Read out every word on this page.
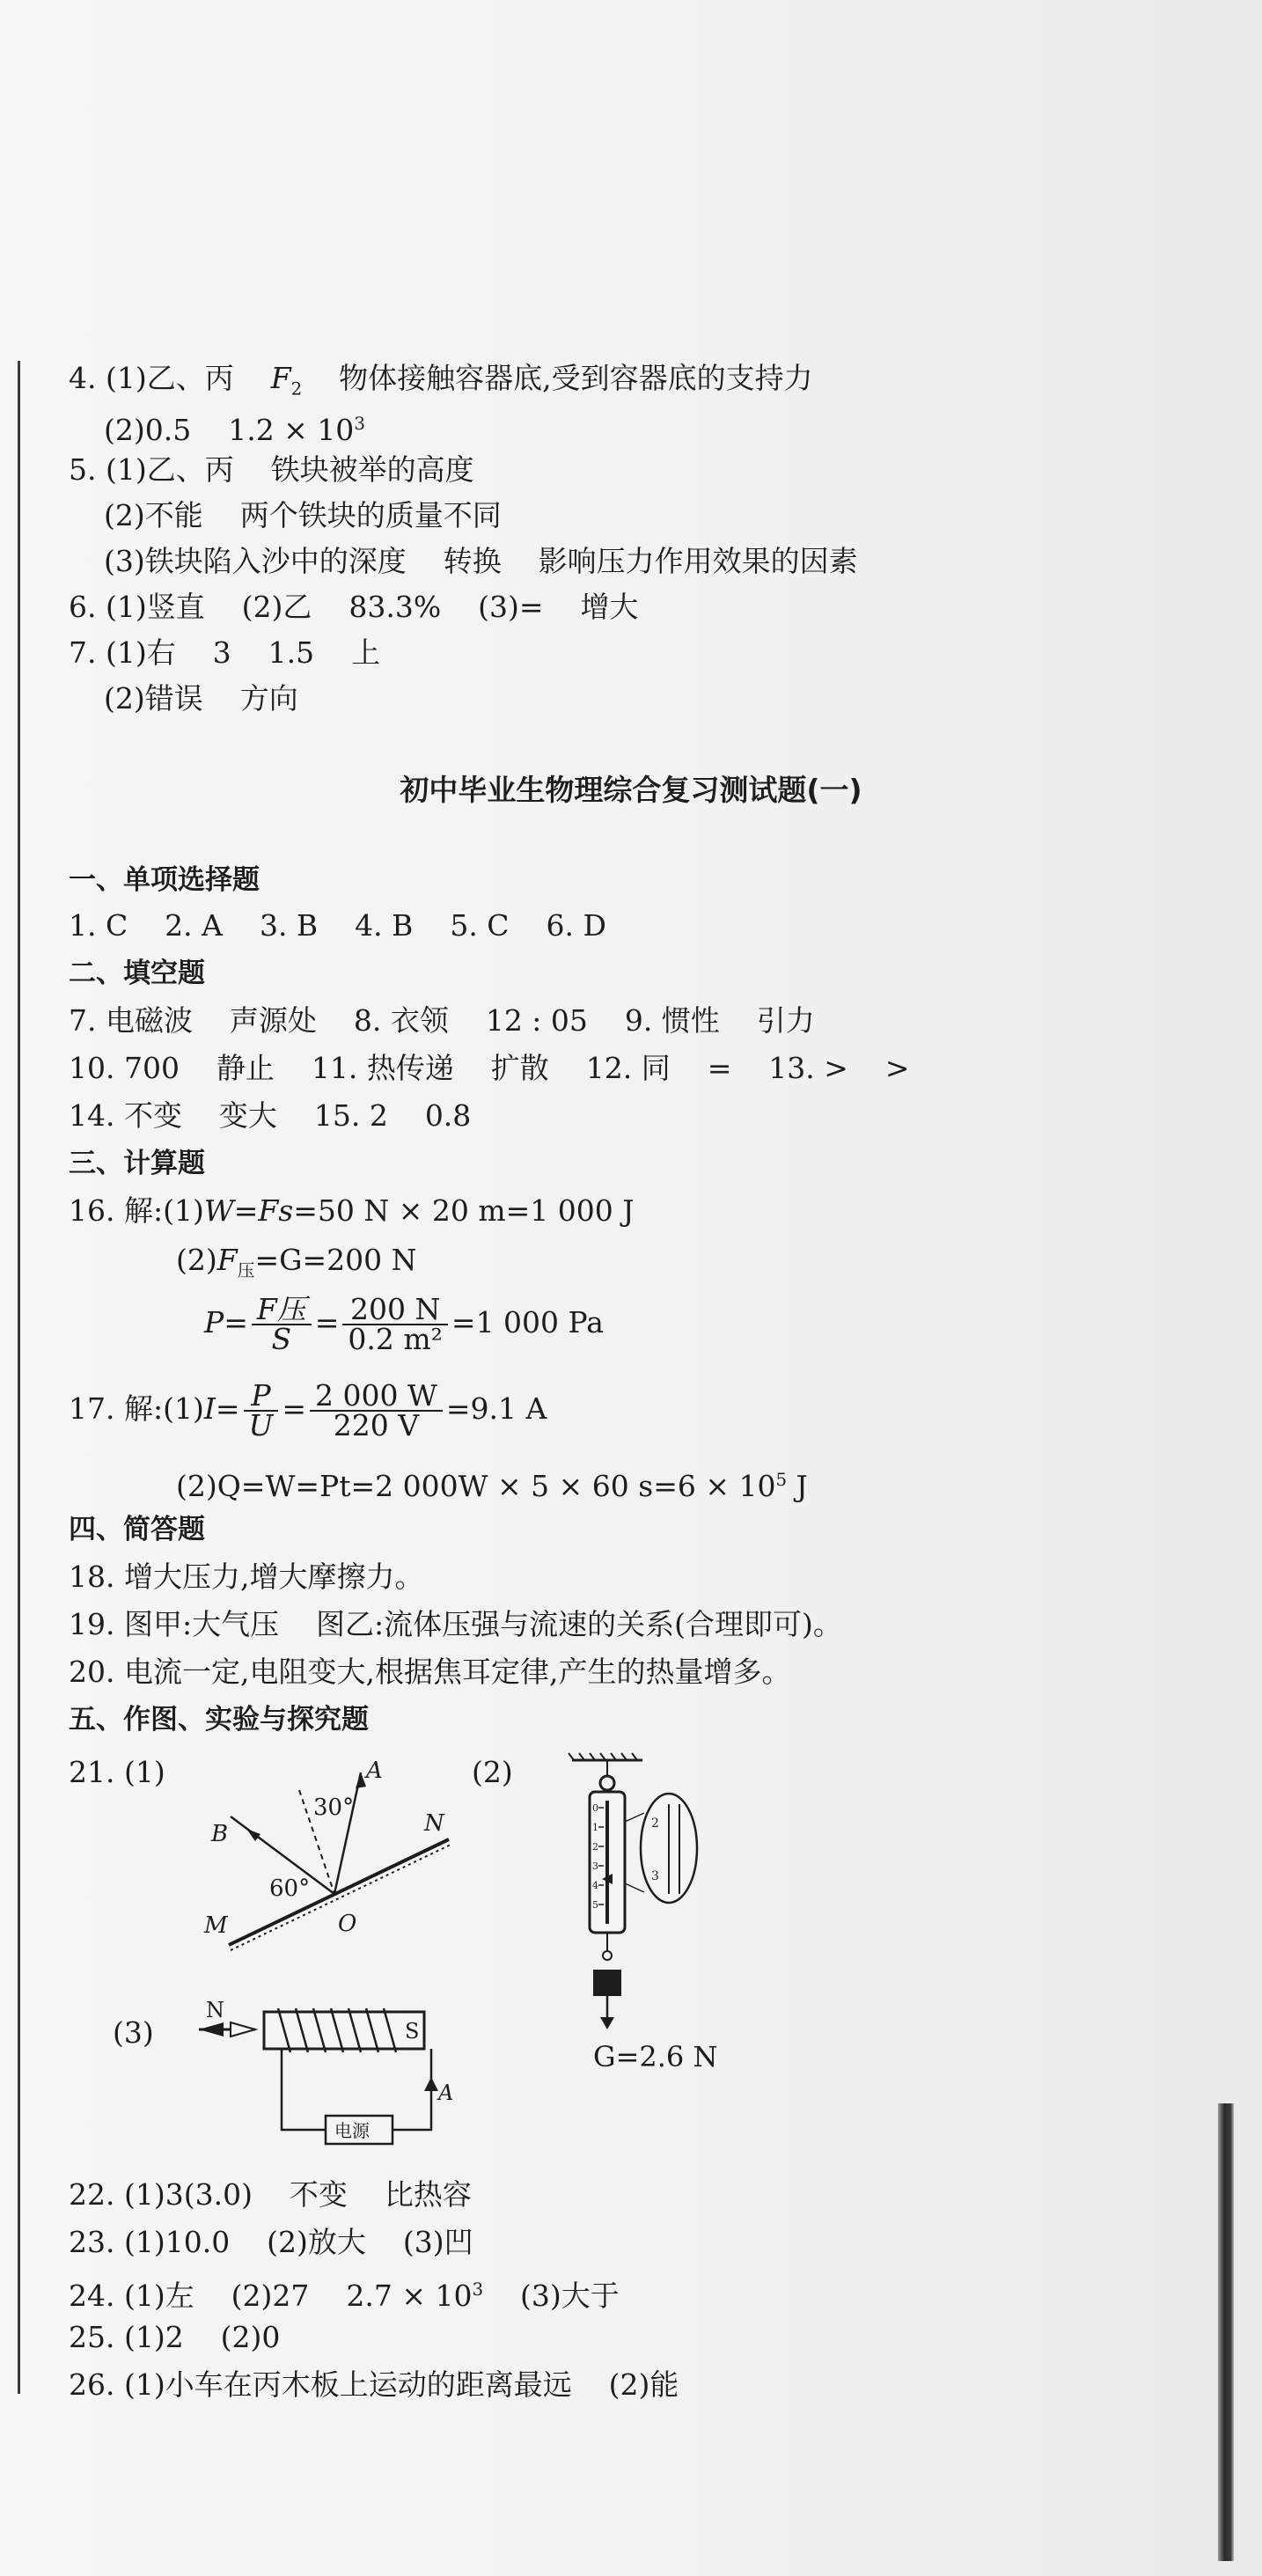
4. (1)乙、丙 $F_2$ 物体接触容器底,受到容器底的支持力
(2)0.5 $1.2 \times 10^3$
5. (1)乙、丙    铁块被举的高度
(2)不能    两个铁块的质量不同
(3)铁块陷入沙中的深度    转换    影响压力作用效果的因素
6. (1)竖直    (2)乙    83.3%    (3)=    增大
7. (1)右    3    1.5    上
(2)错误    方向
初中毕业生物理综合复习测试题(一)
一、单项选择题
1. C    2. A    3. B    4. B    5. C    6. D
二、填空题
7. 电磁波    声源处    8. 衣领    12 : 05    9. 惯性    引力
10. 700    静止    11. 热传递    扩散    12. 同    =    13. >    >
14. 不变    变大    15. 2    0.8
三、计算题
16. 解:(1)W=Fs=50 N × 20 m=1 000 J
$(2)F_压=G=200$ N
$P= \frac{\text{F压}}{S} = \frac{200 N}{\text{0.2 m²}} =1$ 000 Pa
17. 解:(1)I= $\frac{P}{U} = \frac{2 000 W}{220 V} =9.1$ A
(2)Q=W=Pt=2 000W × 5 × 60 $s=6 \times 10^5$ J
四、简答题
18. 增大压力,增大摩擦力。
19. 图甲:大气压    图乙:流体压强与流速的关系(合理即可)。
20. 电流一定,电阻变大,根据焦耳定律,产生的热量增多。
五、作图、实验与探究题
21. (1)	(2)
(3)
A
B	N
M	O
30°
60°
0
1
2
3
4
5
2
3
G=2.6 N
N
S
A
电源
22. (1)3(3.0)    不变    比热容
23. (1)10.0    (2)放大    (3)凹
24. (1)左    (2)27    $2.7 \times 10^3$    (3)大于
25. (1)2    (2)0
26. (1)小车在丙木板上运动的距离最远    (2)能
